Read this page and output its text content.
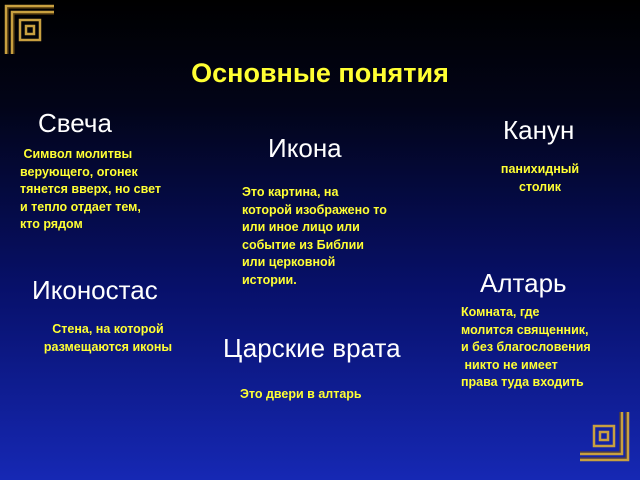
Основные понятия
Свеча
Символ молитвы
верующего, огонек
тянется вверх, но свет
и тепло отдает тем,
кто рядом
Икона
Это картина, на
которой изображено то
или иное лицо или
событие из Библии
или церковной
истории.
Канун
панихидный
столик
Иконостас
Стена, на которой
размещаются иконы	Царские врата
Это двери в алтарь
Алтарь
Комната, где
молится священник,
и без благословения
никто не имеет
права туда входить
